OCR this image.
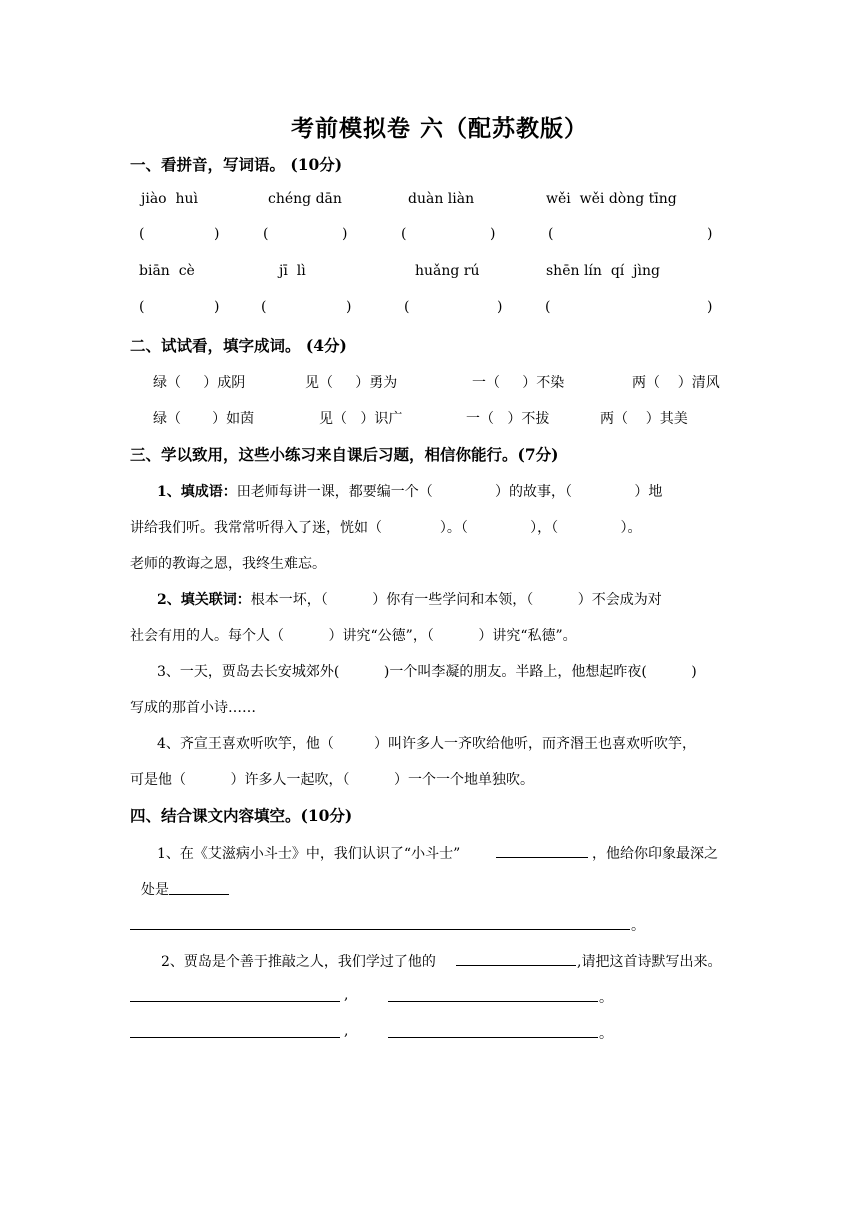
考前模拟卷 六（配苏教版）
一、看拼音，写词语。 (10分)
jiào  huì	chéng dān	duàn liàn	wěi  wěi dòng tīng
(	)	(	)	(	)	(	)
biān  cè	jī  lì	huǎng rú	shēn lín  qí  jìng
(	)	(	)	(	)	(	)
二、试试看，填字成词。 (4分)
绿（     ）成阴	见（     ）勇为	一（     ）不染	两（    ）清风
绿（       ）如茵	见（   ）识广	一（   ）不拔	两（    ）其美
三、学以致用，这些小练习来自课后习题，相信你能行。(7分)
1、填成语：田老师每讲一课，都要编一个（              ）的故事，（              ）地
讲给我们听。我常常听得入了迷，恍如（             ）。（              ），（              ）。
老师的教诲之恩，我终生难忘。
2、填关联词：根本一坏，（          ）你有一些学问和本领，（          ）不会成为对
社会有用的人。每个人（          ）讲究“公德”，（          ）讲究“私德”。
3、一天，贾岛去长安城郊外(          )一个叫李凝的朋友。半路上，他想起昨夜(          )
写成的那首小诗……
4、齐宣王喜欢听吹竽，他（         ）叫许多人一齐吹给他听，而齐湣王也喜欢听吹竽，
可是他（          ）许多人一起吹，（          ）一个一个地单独吹。
四、结合课文内容填空。(10分)
1、在《艾滋病小斗士》中，我们认识了“小斗士”	，他给你印象最深之
处是
。
2、贾岛是个善于推敲之人，我们学过了他的	,请把这首诗默写出来。
,	。
,	。
